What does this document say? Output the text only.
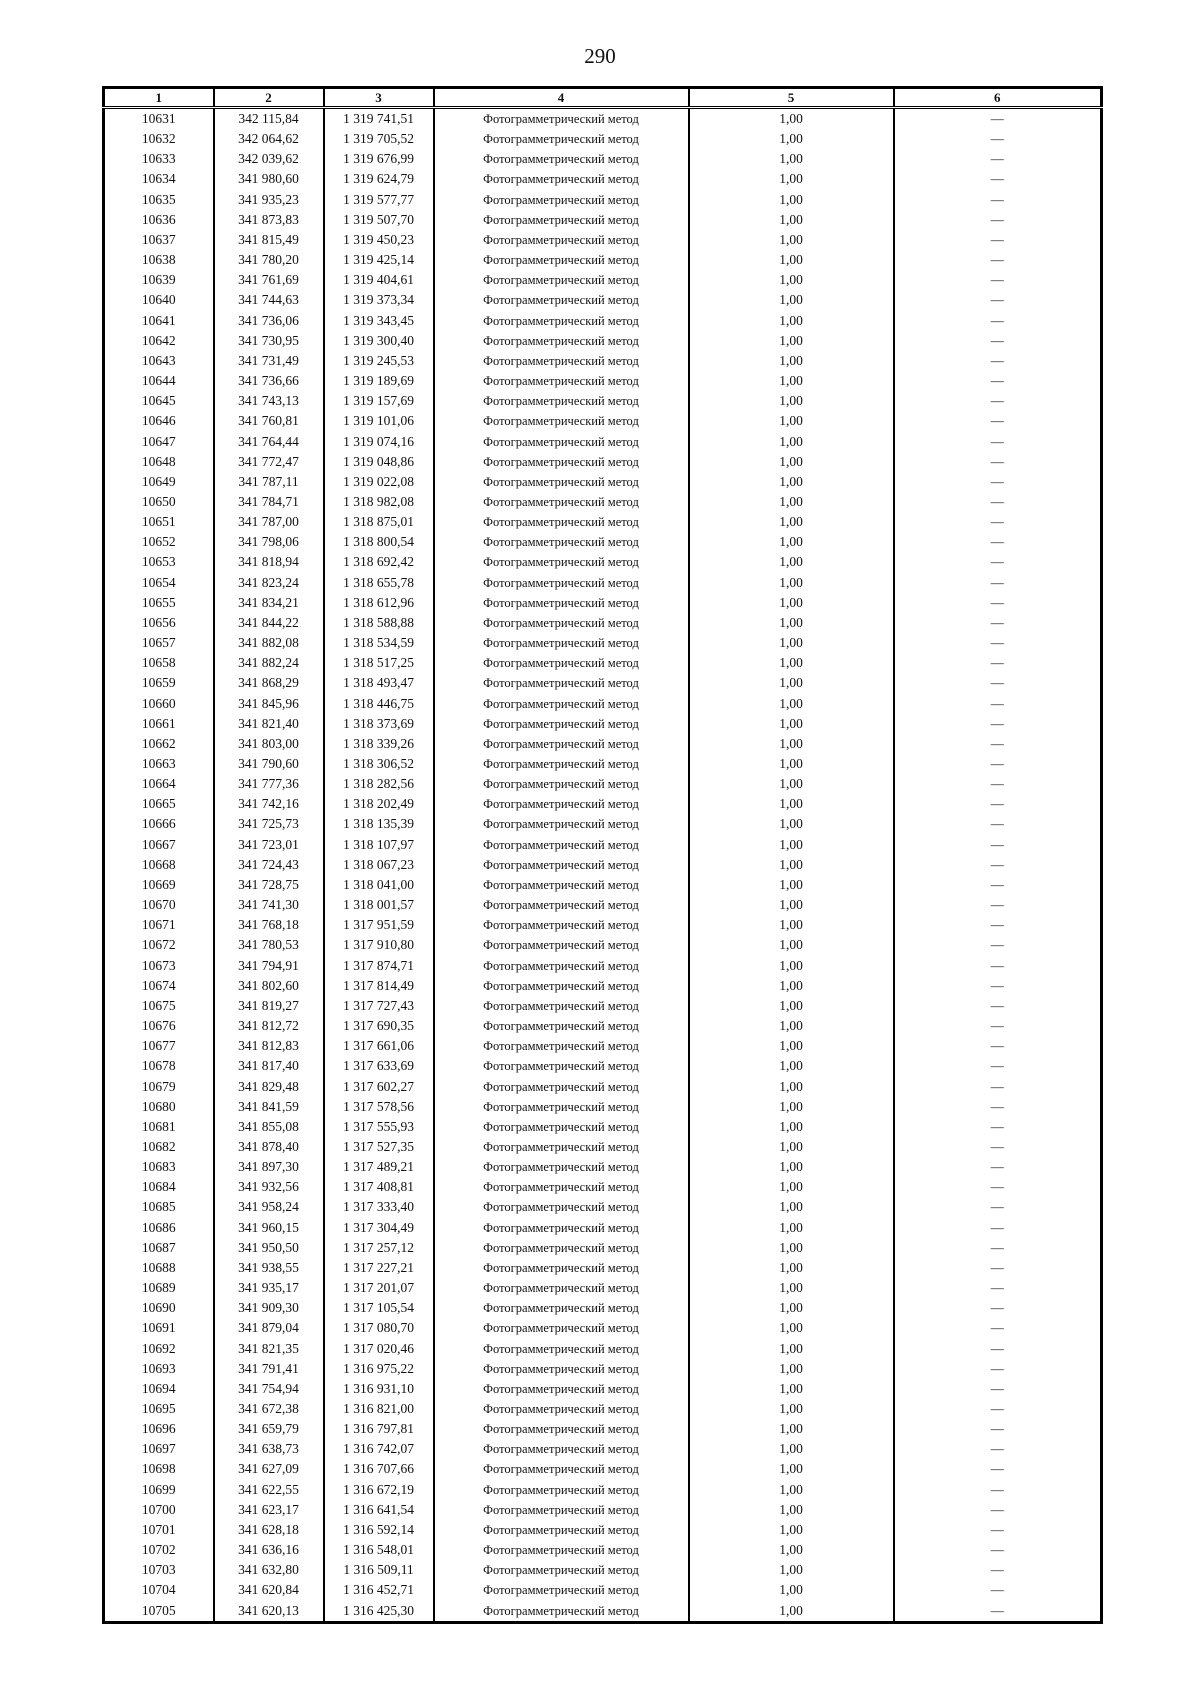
290
1	2	3	4	5	6
10631	342 115,84	1 319 741,51	Фотограмметрический метод	1,00	—
10632	342 064,62	1 319 705,52	Фотограмметрический метод	1,00	—
10633	342 039,62	1 319 676,99	Фотограмметрический метод	1,00	—
10634	341 980,60	1 319 624,79	Фотограмметрический метод	1,00	—
10635	341 935,23	1 319 577,77	Фотограмметрический метод	1,00	—
10636	341 873,83	1 319 507,70	Фотограмметрический метод	1,00	—
10637	341 815,49	1 319 450,23	Фотограмметрический метод	1,00	—
10638	341 780,20	1 319 425,14	Фотограмметрический метод	1,00	—
10639	341 761,69	1 319 404,61	Фотограмметрический метод	1,00	—
10640	341 744,63	1 319 373,34	Фотограмметрический метод	1,00	—
10641	341 736,06	1 319 343,45	Фотограмметрический метод	1,00	—
10642	341 730,95	1 319 300,40	Фотограмметрический метод	1,00	—
10643	341 731,49	1 319 245,53	Фотограмметрический метод	1,00	—
10644	341 736,66	1 319 189,69	Фотограмметрический метод	1,00	—
10645	341 743,13	1 319 157,69	Фотограмметрический метод	1,00	—
10646	341 760,81	1 319 101,06	Фотограмметрический метод	1,00	—
10647	341 764,44	1 319 074,16	Фотограмметрический метод	1,00	—
10648	341 772,47	1 319 048,86	Фотограмметрический метод	1,00	—
10649	341 787,11	1 319 022,08	Фотограмметрический метод	1,00	—
10650	341 784,71	1 318 982,08	Фотограмметрический метод	1,00	—
10651	341 787,00	1 318 875,01	Фотограмметрический метод	1,00	—
10652	341 798,06	1 318 800,54	Фотограмметрический метод	1,00	—
10653	341 818,94	1 318 692,42	Фотограмметрический метод	1,00	—
10654	341 823,24	1 318 655,78	Фотограмметрический метод	1,00	—
10655	341 834,21	1 318 612,96	Фотограмметрический метод	1,00	—
10656	341 844,22	1 318 588,88	Фотограмметрический метод	1,00	—
10657	341 882,08	1 318 534,59	Фотограмметрический метод	1,00	—
10658	341 882,24	1 318 517,25	Фотограмметрический метод	1,00	—
10659	341 868,29	1 318 493,47	Фотограмметрический метод	1,00	—
10660	341 845,96	1 318 446,75	Фотограмметрический метод	1,00	—
10661	341 821,40	1 318 373,69	Фотограмметрический метод	1,00	—
10662	341 803,00	1 318 339,26	Фотограмметрический метод	1,00	—
10663	341 790,60	1 318 306,52	Фотограмметрический метод	1,00	—
10664	341 777,36	1 318 282,56	Фотограмметрический метод	1,00	—
10665	341 742,16	1 318 202,49	Фотограмметрический метод	1,00	—
10666	341 725,73	1 318 135,39	Фотограмметрический метод	1,00	—
10667	341 723,01	1 318 107,97	Фотограмметрический метод	1,00	—
10668	341 724,43	1 318 067,23	Фотограмметрический метод	1,00	—
10669	341 728,75	1 318 041,00	Фотограмметрический метод	1,00	—
10670	341 741,30	1 318 001,57	Фотограмметрический метод	1,00	—
10671	341 768,18	1 317 951,59	Фотограмметрический метод	1,00	—
10672	341 780,53	1 317 910,80	Фотограмметрический метод	1,00	—
10673	341 794,91	1 317 874,71	Фотограмметрический метод	1,00	—
10674	341 802,60	1 317 814,49	Фотограмметрический метод	1,00	—
10675	341 819,27	1 317 727,43	Фотограмметрический метод	1,00	—
10676	341 812,72	1 317 690,35	Фотограмметрический метод	1,00	—
10677	341 812,83	1 317 661,06	Фотограмметрический метод	1,00	—
10678	341 817,40	1 317 633,69	Фотограмметрический метод	1,00	—
10679	341 829,48	1 317 602,27	Фотограмметрический метод	1,00	—
10680	341 841,59	1 317 578,56	Фотограмметрический метод	1,00	—
10681	341 855,08	1 317 555,93	Фотограмметрический метод	1,00	—
10682	341 878,40	1 317 527,35	Фотограмметрический метод	1,00	—
10683	341 897,30	1 317 489,21	Фотограмметрический метод	1,00	—
10684	341 932,56	1 317 408,81	Фотограмметрический метод	1,00	—
10685	341 958,24	1 317 333,40	Фотограмметрический метод	1,00	—
10686	341 960,15	1 317 304,49	Фотограмметрический метод	1,00	—
10687	341 950,50	1 317 257,12	Фотограмметрический метод	1,00	—
10688	341 938,55	1 317 227,21	Фотограмметрический метод	1,00	—
10689	341 935,17	1 317 201,07	Фотограмметрический метод	1,00	—
10690	341 909,30	1 317 105,54	Фотограмметрический метод	1,00	—
10691	341 879,04	1 317 080,70	Фотограмметрический метод	1,00	—
10692	341 821,35	1 317 020,46	Фотограмметрический метод	1,00	—
10693	341 791,41	1 316 975,22	Фотограмметрический метод	1,00	—
10694	341 754,94	1 316 931,10	Фотограмметрический метод	1,00	—
10695	341 672,38	1 316 821,00	Фотограмметрический метод	1,00	—
10696	341 659,79	1 316 797,81	Фотограмметрический метод	1,00	—
10697	341 638,73	1 316 742,07	Фотограмметрический метод	1,00	—
10698	341 627,09	1 316 707,66	Фотограмметрический метод	1,00	—
10699	341 622,55	1 316 672,19	Фотограмметрический метод	1,00	—
10700	341 623,17	1 316 641,54	Фотограмметрический метод	1,00	—
10701	341 628,18	1 316 592,14	Фотограмметрический метод	1,00	—
10702	341 636,16	1 316 548,01	Фотограмметрический метод	1,00	—
10703	341 632,80	1 316 509,11	Фотограмметрический метод	1,00	—
10704	341 620,84	1 316 452,71	Фотограмметрический метод	1,00	—
10705	341 620,13	1 316 425,30	Фотограмметрический метод	1,00	—
